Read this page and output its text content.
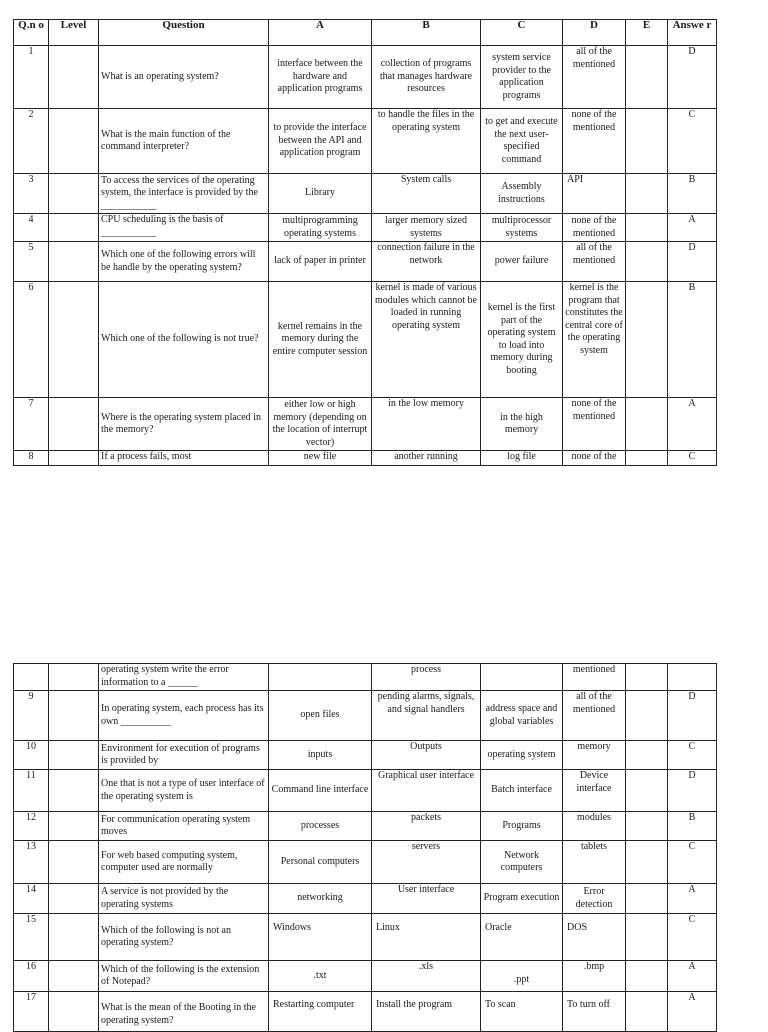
Q.n o	Level	Question	A	B	C	D	E	Answe r
1		What is an operating system?	interface between the hardware and application programs	collection of programs that manages hardware resources	system service provider to the application programs	all of the mentioned		D
2		What is the main function of the command interpreter?	to provide the interface between the API and application program	to handle the files in the operating system	to get and execute the next user-specified command	none of the mentioned		C
3		To access the services of the operating system, the interface is provided by the ___________	Library	System calls	Assembly instructions	API		B
4		CPU scheduling is the basis of ___________	multiprogramming operating systems	larger memory sized systems	multiprocessor systems	none of the mentioned		A
5		Which one of the following errors will be handle by the operating system?	lack of paper in printer	connection failure in the network	power failure	all of the mentioned		D
6		Which one of the following is not true?	kernel remains in the memory during the entire computer session	kernel is made of various modules which cannot be loaded in running operating system	kernel is the first part of the operating system to load into memory during booting	kernel is the program that constitutes the central core of the operating system		B
7		Where is the operating system placed in the memory?	either low or high memory (depending on the location of interrupt vector)	in the low memory	in the high memory	none of the mentioned		A
8		If a process fails, most	new file	another running	log file	none of the		C
		operating system write the error information to a ______		process		mentioned		
9		In operating system, each process has its own __________	open files	pending alarms, signals, and signal handlers	address space and global variables	all of the mentioned		D
10		Environment for execution of programs is provided by	inputs	Outputs	operating system	memory		C
11		One that is not a type of user interface of the operating system is	Command line interface	Graphical user interface	Batch interface	Device interface		D
12		For communication operating system moves	processes	packets	Programs	modules		B
13		For web based computing system, computer used are normally	Personal computers	servers	Network computers	tablets		C
14		A service is not provided by the operating systems	networking	User interface	Program execution	Error detection		A
15		Which of the following is not an operating system?	Windows	Linux	Oracle	DOS		C
16		Which of the following is the extension of Notepad?	.txt	.xls	.ppt	.bmp		A
17		What is the mean of the Booting in the operating system?	Restarting computer	Install the program	To scan	To turn off		A
